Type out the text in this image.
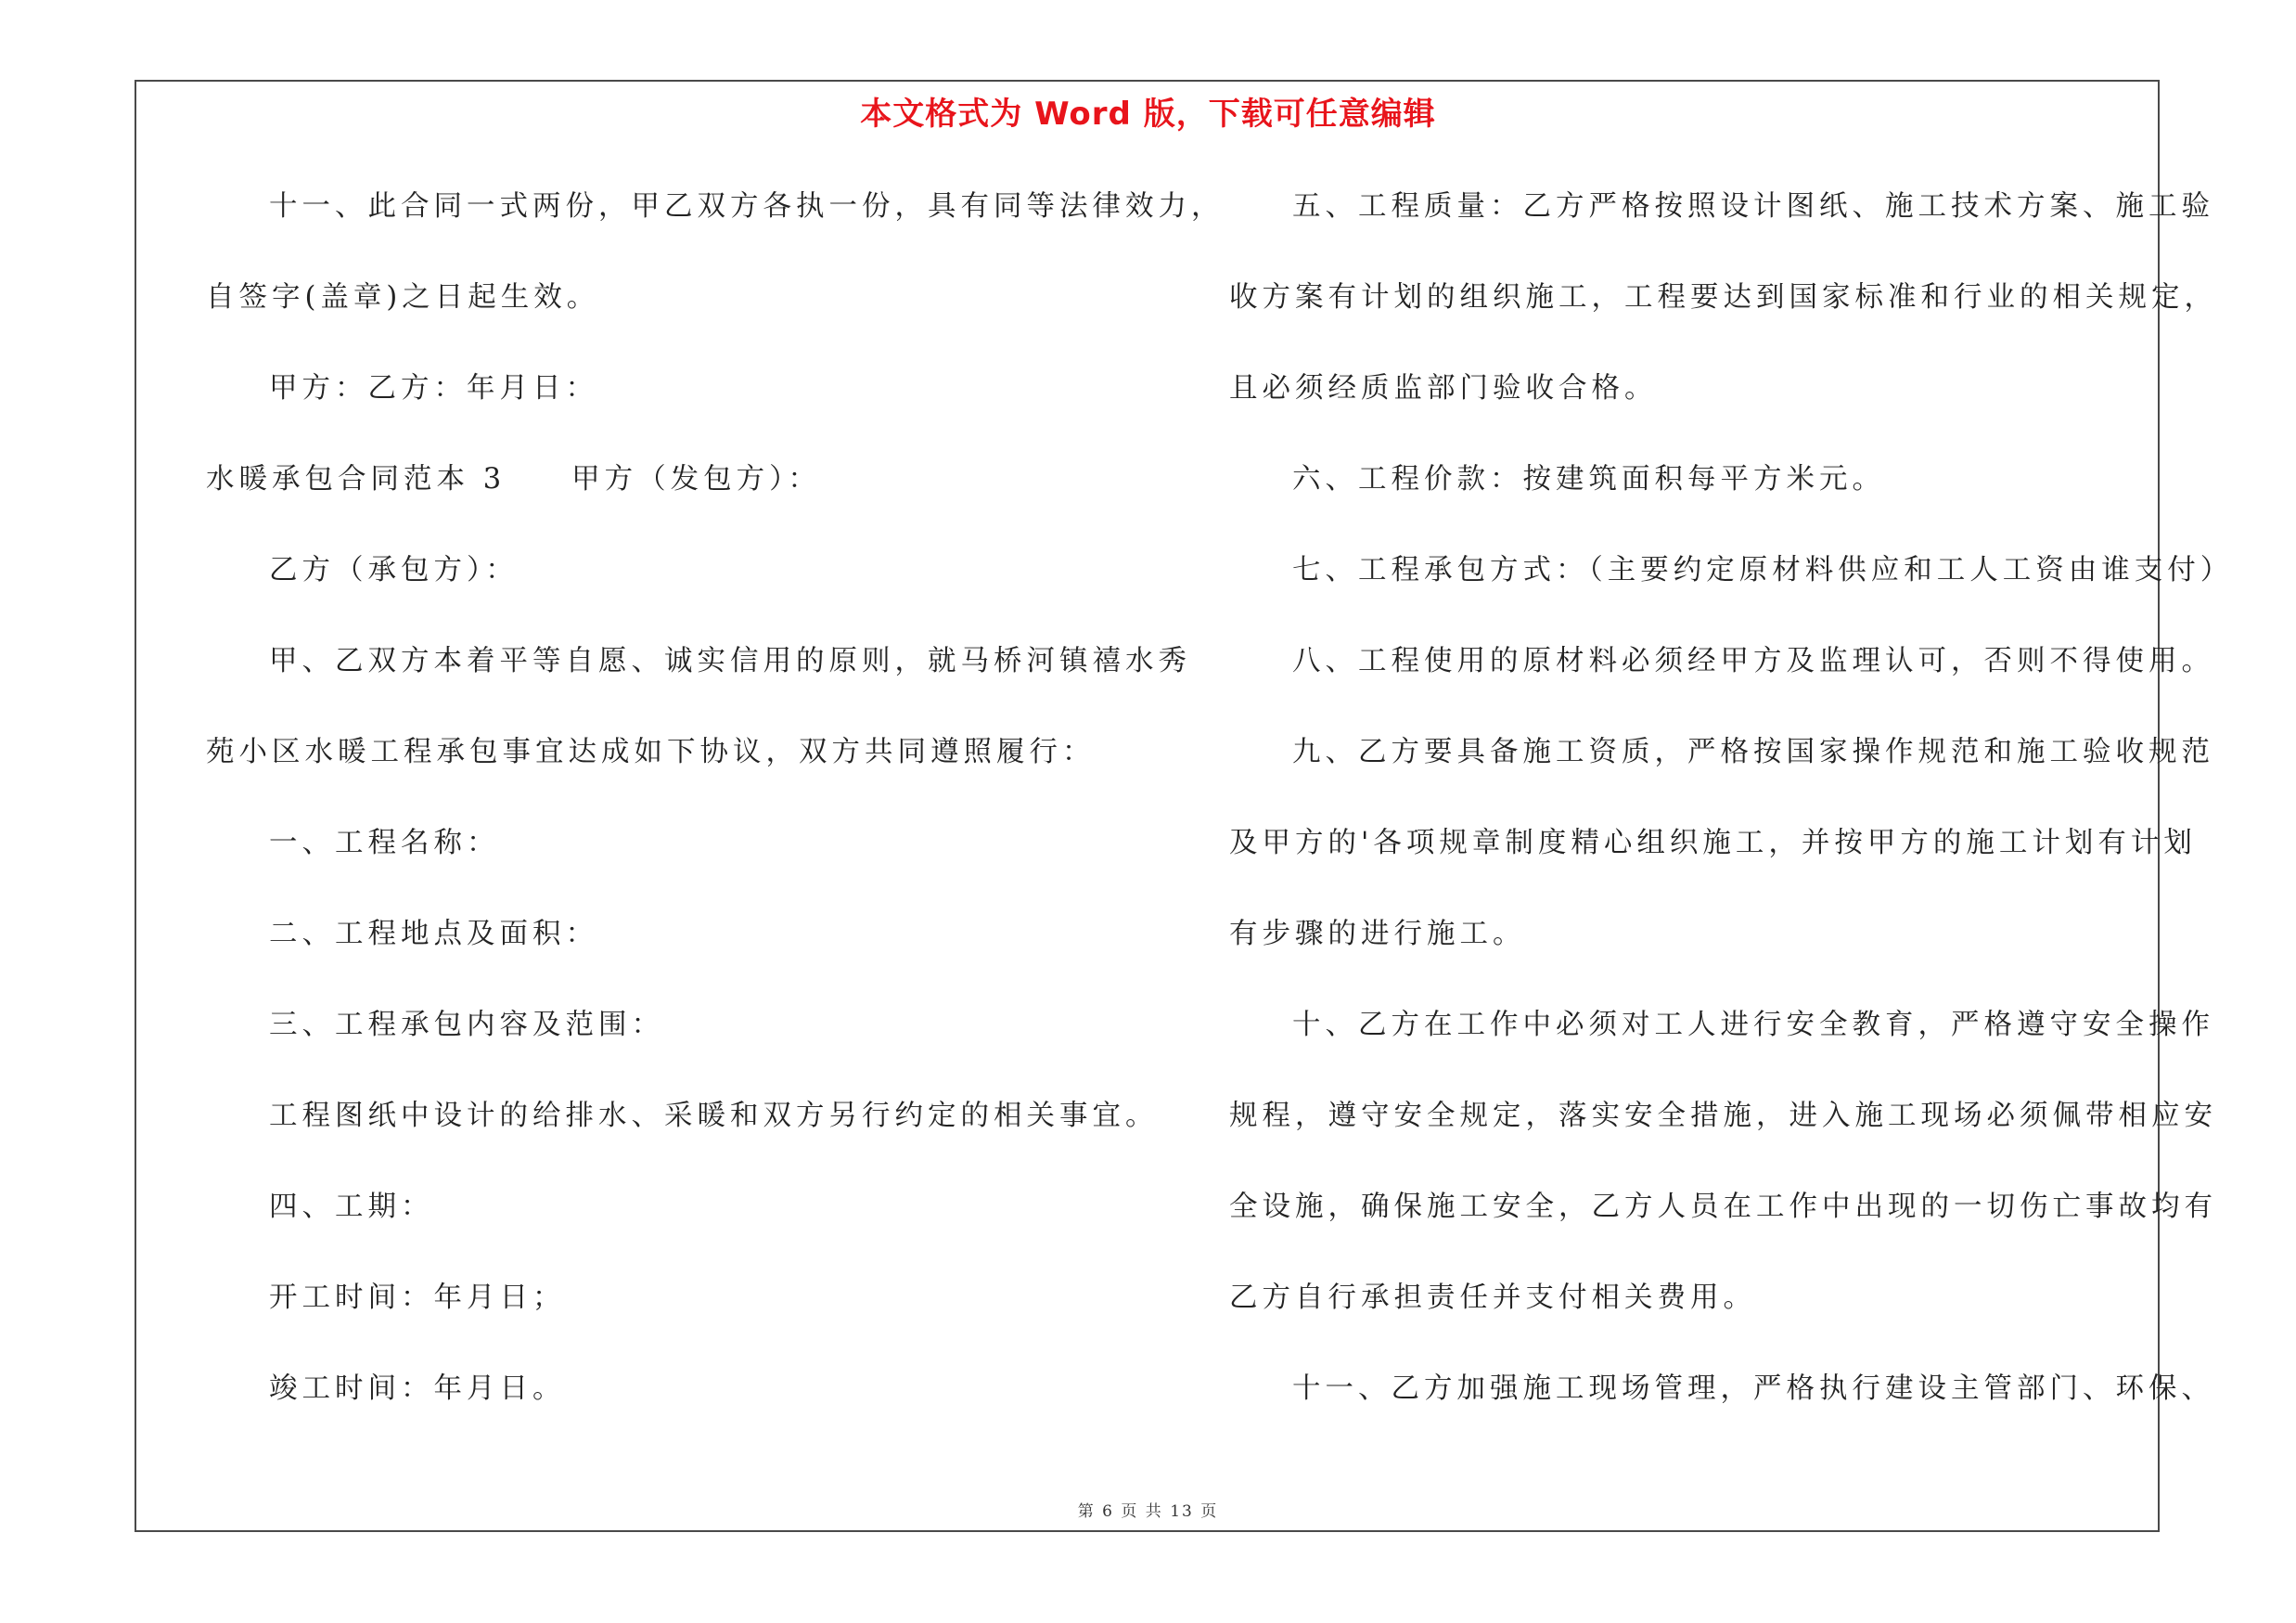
本文格式为 Word 版，下载可任意编辑
十一、此合同一式两份，甲乙双方各执一份，具有同等法律效力，
自签字(盖章)之日起生效。
甲方：乙方：年月日：
水暖承包合同范本 3　　甲方（发包方）：
乙方（承包方）：
甲、乙双方本着平等自愿、诚实信用的原则，就马桥河镇禧水秀
苑小区水暖工程承包事宜达成如下协议，双方共同遵照履行：
一、工程名称：
二、工程地点及面积：
三、工程承包内容及范围：
工程图纸中设计的给排水、采暖和双方另行约定的相关事宜。
四、工期：
开工时间：年月日；
竣工时间：年月日。
五、工程质量：乙方严格按照设计图纸、施工技术方案、施工验
收方案有计划的组织施工，工程要达到国家标准和行业的相关规定，
且必须经质监部门验收合格。
六、工程价款：按建筑面积每平方米元。
七、工程承包方式：（主要约定原材料供应和工人工资由谁支付）
八、工程使用的原材料必须经甲方及监理认可，否则不得使用。
九、乙方要具备施工资质，严格按国家操作规范和施工验收规范
及甲方的'各项规章制度精心组织施工，并按甲方的施工计划有计划
有步骤的进行施工。
十、乙方在工作中必须对工人进行安全教育，严格遵守安全操作
规程，遵守安全规定，落实安全措施，进入施工现场必须佩带相应安
全设施，确保施工安全，乙方人员在工作中出现的一切伤亡事故均有
乙方自行承担责任并支付相关费用。
十一、乙方加强施工现场管理，严格执行建设主管部门、环保、
第 6 页 共 13 页
